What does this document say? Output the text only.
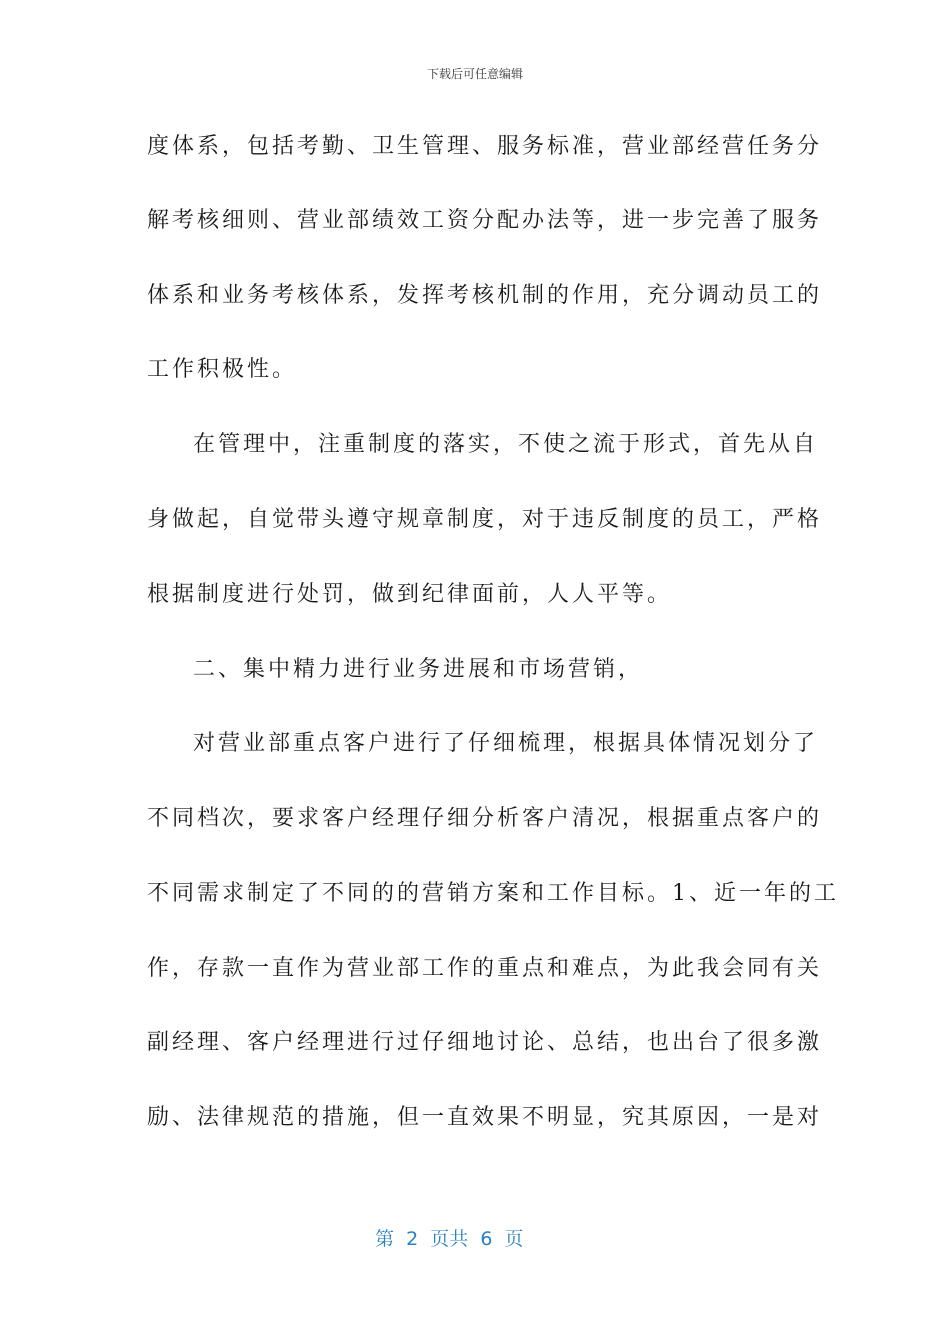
下载后可任意编辑
度体系，包括考勤、卫生管理、服务标准，营业部经营任务分
解考核细则、营业部绩效工资分配办法等，进一步完善了服务
体系和业务考核体系，发挥考核机制的作用，充分调动员工的
工作积极性。
在管理中，注重制度的落实，不使之流于形式，首先从自
身做起，自觉带头遵守规章制度，对于违反制度的员工，严格
根据制度进行处罚，做到纪律面前，人人平等。
二、集中精力进行业务进展和市场营销，
对营业部重点客户进行了仔细梳理，根据具体情况划分了
不同档次，要求客户经理仔细分析客户清况，根据重点客户的
不同需求制定了不同的的营销方案和工作目标。1、近一年的工
作，存款一直作为营业部工作的重点和难点，为此我会同有关
副经理、客户经理进行过仔细地讨论、总结，也出台了很多激
励、法律规范的措施，但一直效果不明显，究其原因，一是对
第  2  页共  6  页
